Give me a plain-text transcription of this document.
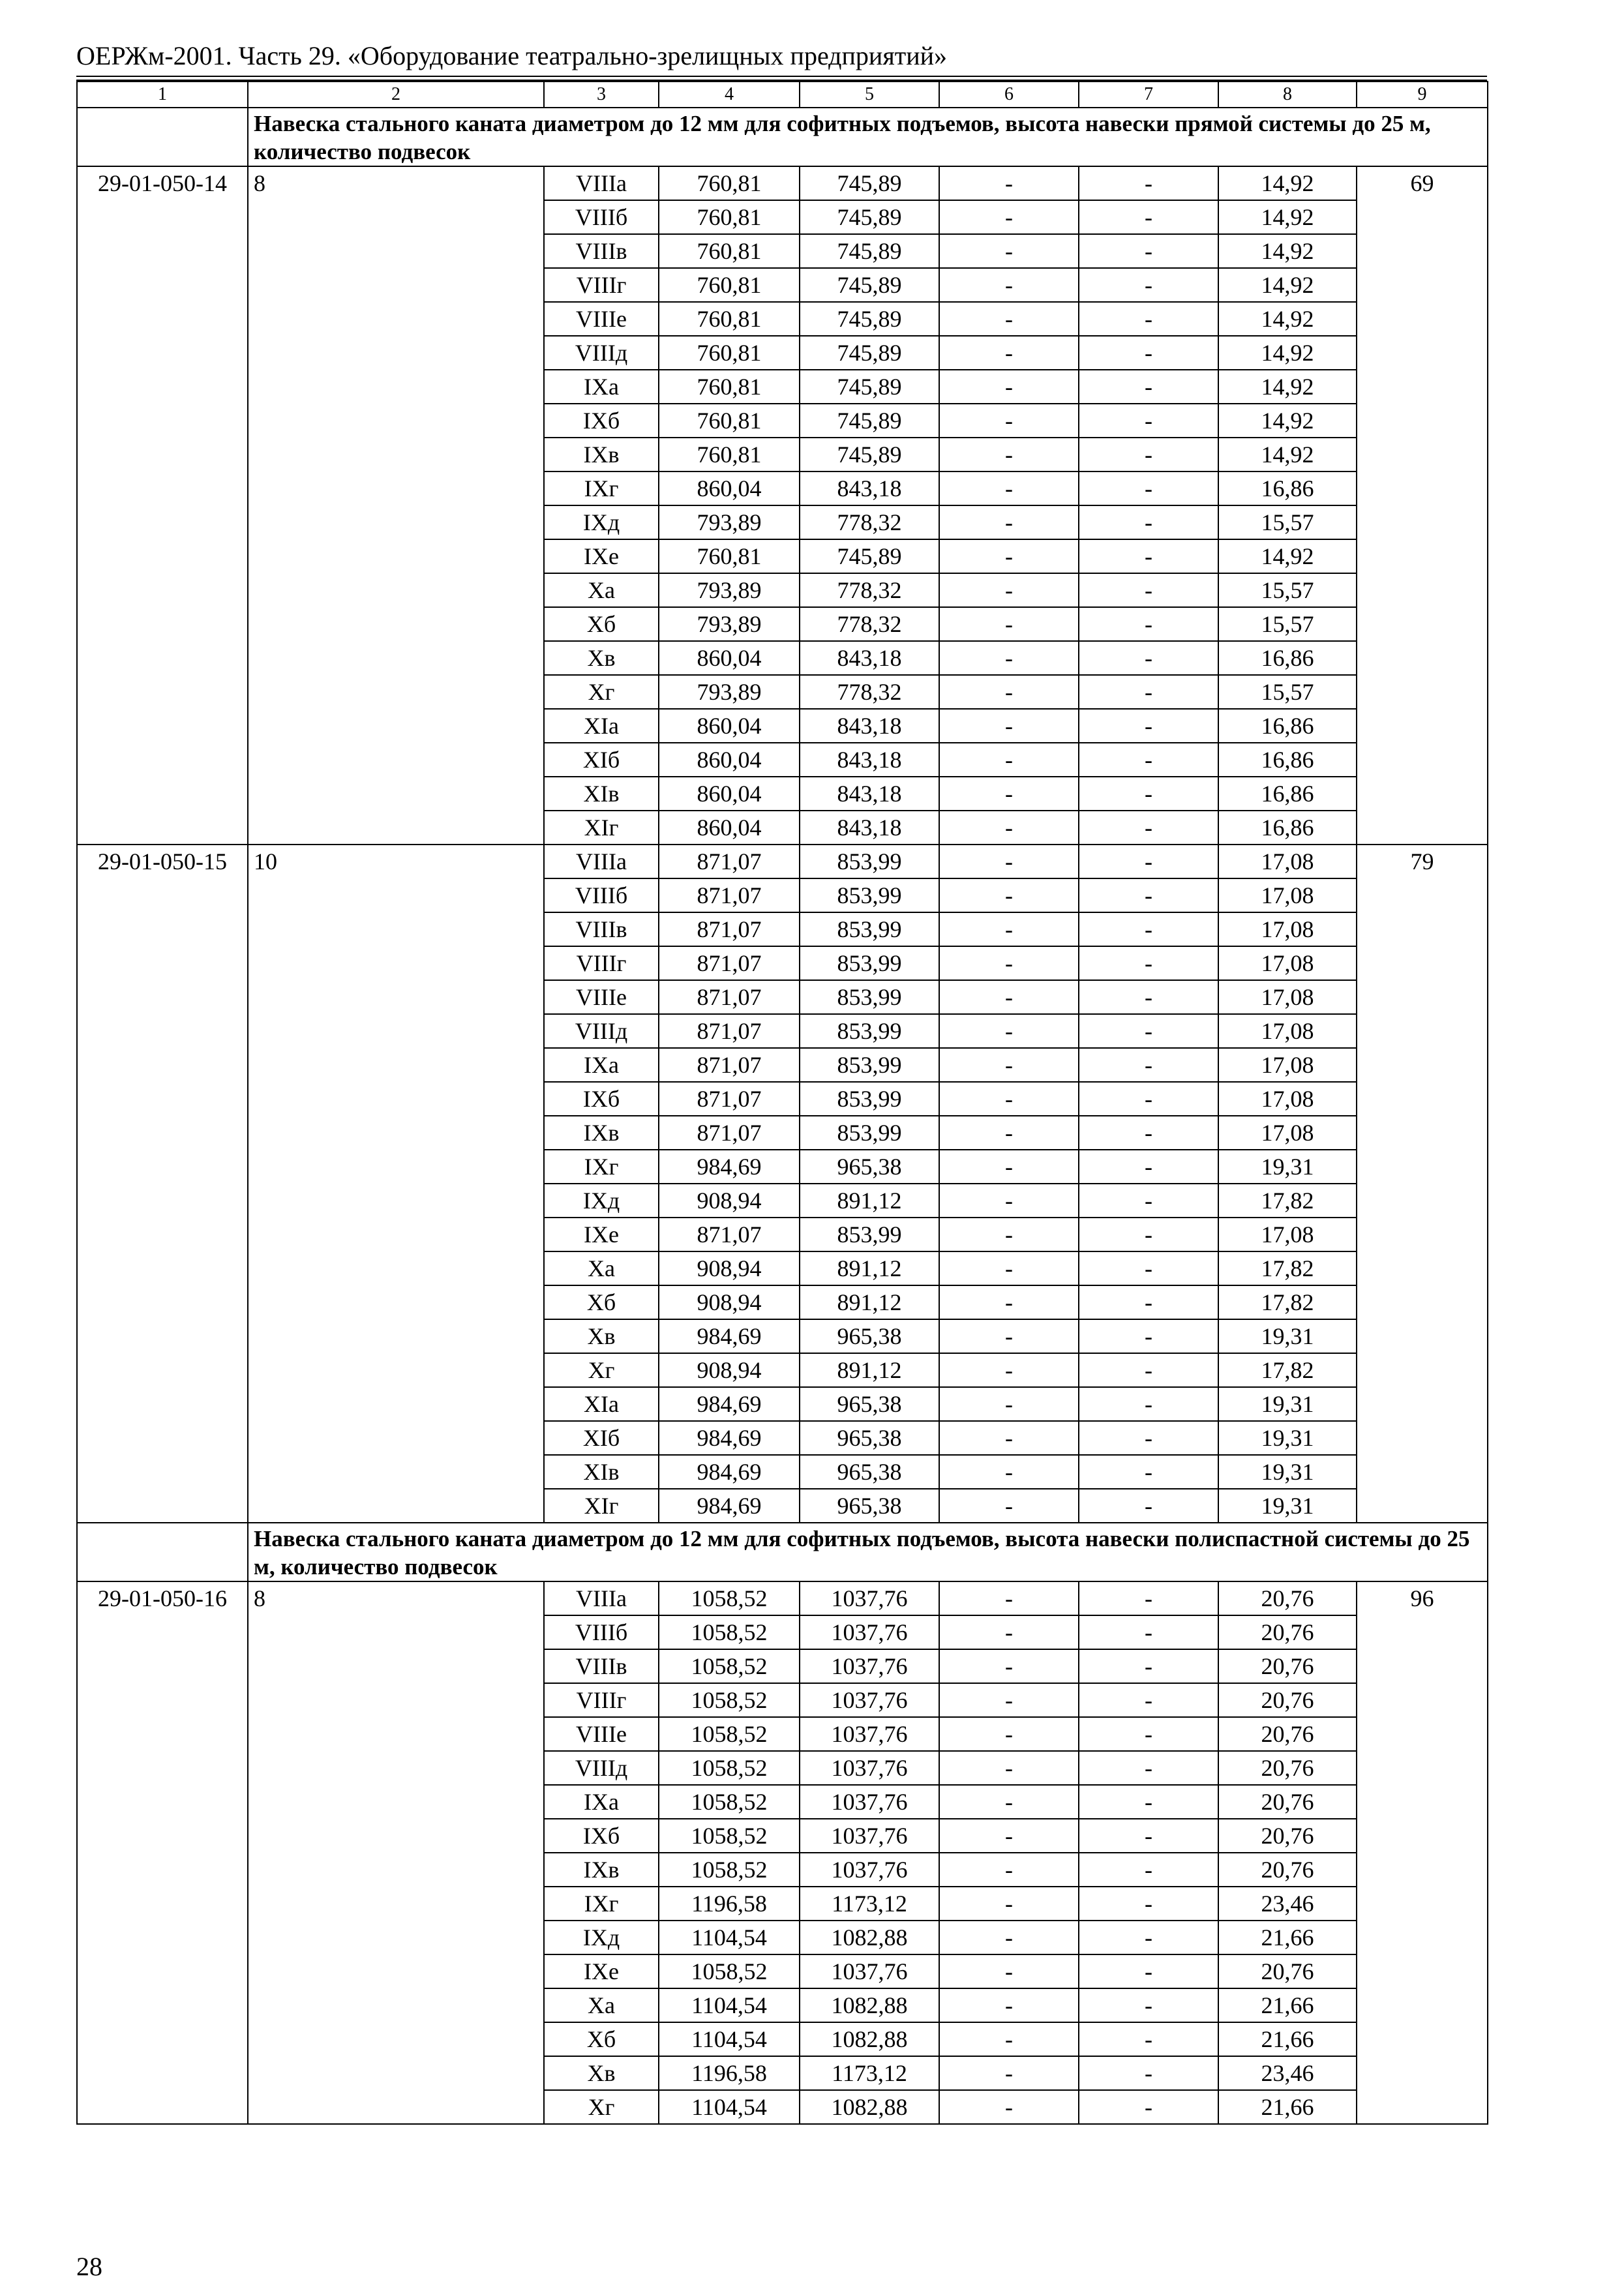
ОЕРЖм-2001. Часть 29. «Оборудование театрально-зрелищных предприятий»
1	2	3	4	5	6	7	8	9
	Навеска стального каната диаметром до 12 мм для софитных подъемов, высота навески прямой системы до 25 м, количество подвесок							
29-01-050-14	8	VIIIа	760,81	745,89	-	-	14,92	69
		VIIIб	760,81	745,89	-	-	14,92	
		VIIIв	760,81	745,89	-	-	14,92	
		VIIIг	760,81	745,89	-	-	14,92	
		VIIIе	760,81	745,89	-	-	14,92	
		VIIIд	760,81	745,89	-	-	14,92	
		IXа	760,81	745,89	-	-	14,92	
		IXб	760,81	745,89	-	-	14,92	
		IXв	760,81	745,89	-	-	14,92	
		IXг	860,04	843,18	-	-	16,86	
		IXд	793,89	778,32	-	-	15,57	
		IXе	760,81	745,89	-	-	14,92	
		Xа	793,89	778,32	-	-	15,57	
		Xб	793,89	778,32	-	-	15,57	
		Xв	860,04	843,18	-	-	16,86	
		Xг	793,89	778,32	-	-	15,57	
		XIа	860,04	843,18	-	-	16,86	
		XIб	860,04	843,18	-	-	16,86	
		XIв	860,04	843,18	-	-	16,86	
		XIг	860,04	843,18	-	-	16,86	
29-01-050-15	10	VIIIа	871,07	853,99	-	-	17,08	79
		VIIIб	871,07	853,99	-	-	17,08	
		VIIIв	871,07	853,99	-	-	17,08	
		VIIIг	871,07	853,99	-	-	17,08	
		VIIIе	871,07	853,99	-	-	17,08	
		VIIIд	871,07	853,99	-	-	17,08	
		IXа	871,07	853,99	-	-	17,08	
		IXб	871,07	853,99	-	-	17,08	
		IXв	871,07	853,99	-	-	17,08	
		IXг	984,69	965,38	-	-	19,31	
		IXд	908,94	891,12	-	-	17,82	
		IXе	871,07	853,99	-	-	17,08	
		Xа	908,94	891,12	-	-	17,82	
		Xб	908,94	891,12	-	-	17,82	
		Xв	984,69	965,38	-	-	19,31	
		Xг	908,94	891,12	-	-	17,82	
		XIа	984,69	965,38	-	-	19,31	
		XIб	984,69	965,38	-	-	19,31	
		XIв	984,69	965,38	-	-	19,31	
		XIг	984,69	965,38	-	-	19,31	
	Навеска стального каната диаметром до 12 мм для софитных подъемов, высота навески полиспастной системы до 25 м, количество подвесок							
29-01-050-16	8	VIIIа	1058,52	1037,76	-	-	20,76	96
		VIIIб	1058,52	1037,76	-	-	20,76	
		VIIIв	1058,52	1037,76	-	-	20,76	
		VIIIг	1058,52	1037,76	-	-	20,76	
		VIIIе	1058,52	1037,76	-	-	20,76	
		VIIIд	1058,52	1037,76	-	-	20,76	
		IXа	1058,52	1037,76	-	-	20,76	
		IXб	1058,52	1037,76	-	-	20,76	
		IXв	1058,52	1037,76	-	-	20,76	
		IXг	1196,58	1173,12	-	-	23,46	
		IXд	1104,54	1082,88	-	-	21,66	
		IXе	1058,52	1037,76	-	-	20,76	
		Xа	1104,54	1082,88	-	-	21,66	
		Xб	1104,54	1082,88	-	-	21,66	
		Xв	1196,58	1173,12	-	-	23,46	
		Xг	1104,54	1082,88	-	-	21,66	
28
